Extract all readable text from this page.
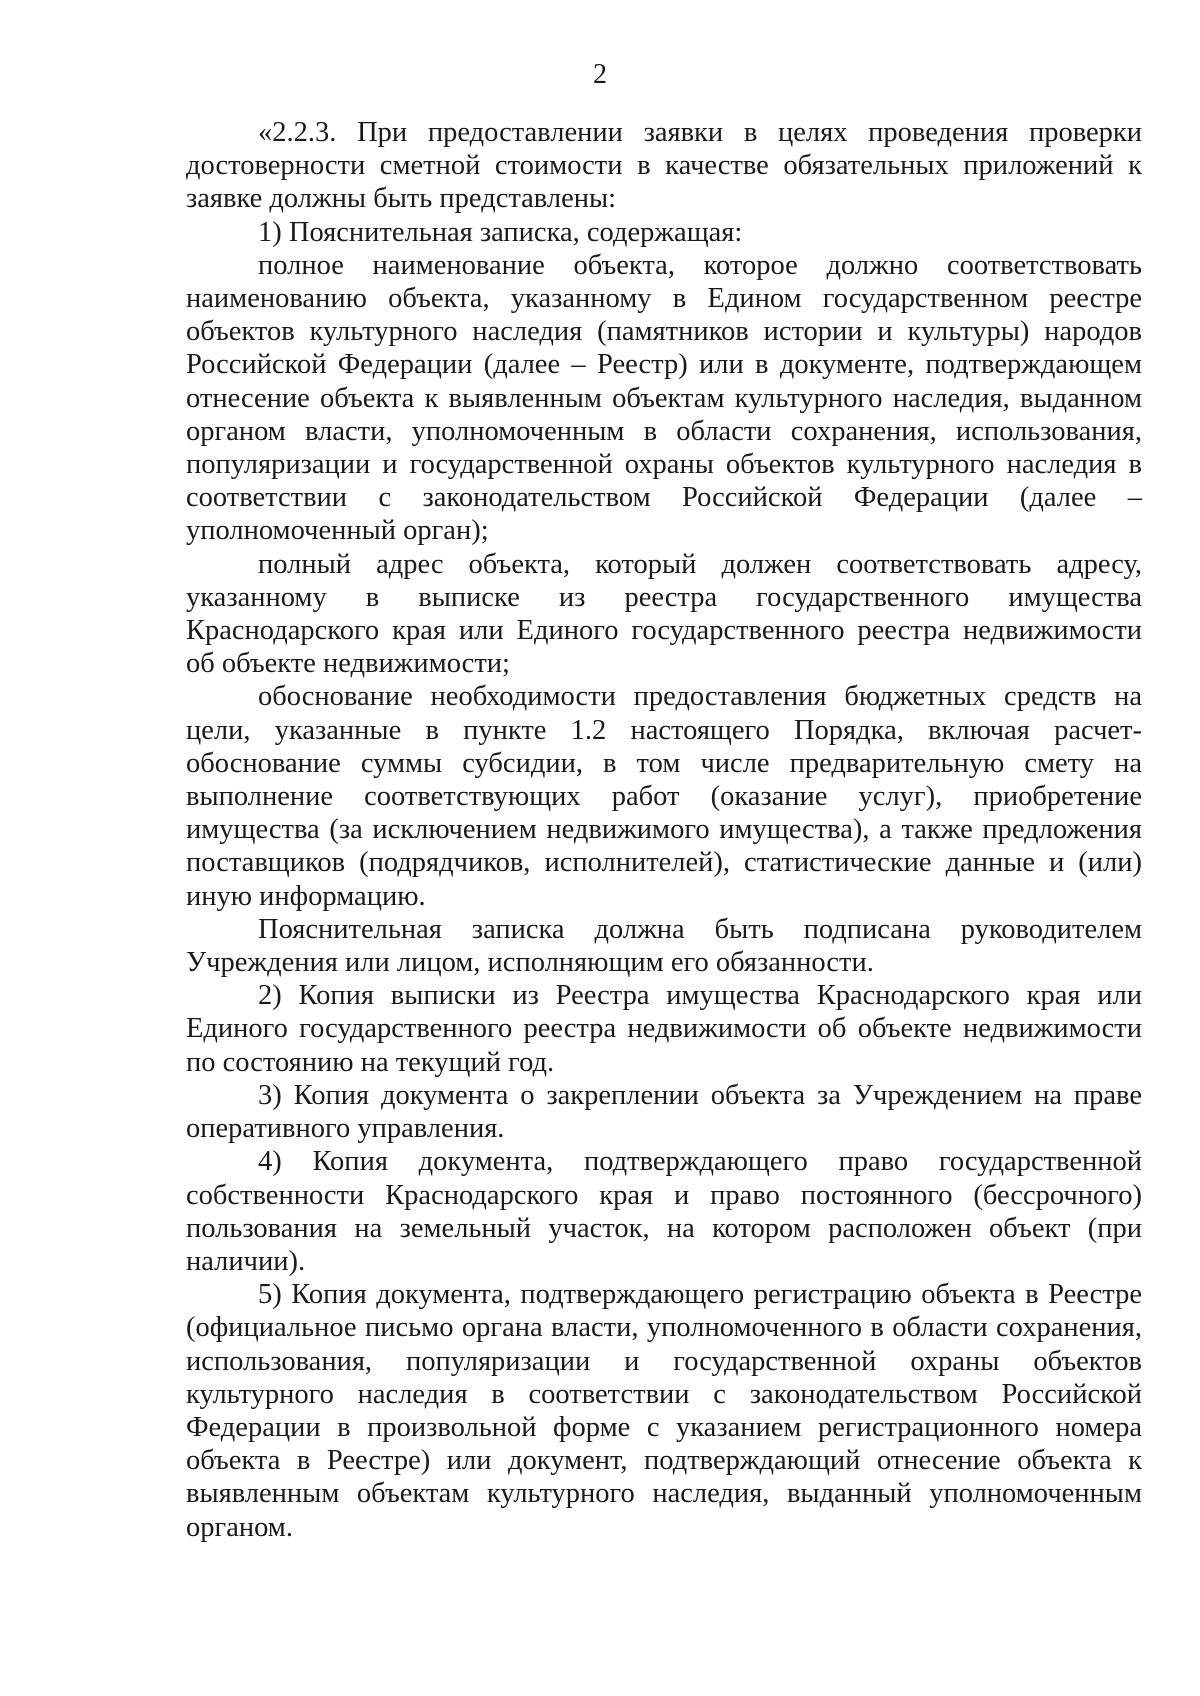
2

«2.2.3. При предоставлении заявки в целях проведения проверки достоверности сметной стоимости в качестве обязательных приложений к заявке должны быть представлены:

1) Пояснительная записка, содержащая:

полное наименование объекта, которое должно соответствовать наименованию объекта, указанному в Едином государственном реестре объектов культурного наследия (памятников истории и культуры) народов Российской Федерации (далее – Реестр) или в документе, подтверждающем отнесение объекта к выявленным объектам культурного наследия, выданном органом власти, уполномоченным в области сохранения, использования, популяризации и государственной охраны объектов культурного наследия в соответствии с законодательством Российской Федерации (далее – уполномоченный орган);

полный адрес объекта, который должен соответствовать адресу, указанному в выписке из реестра государственного имущества Краснодарского края или Единого государственного реестра недвижимости об объекте недвижимости;

обоснование необходимости предоставления бюджетных средств на цели, указанные в пункте 1.2 настоящего Порядка, включая расчет-обоснование суммы субсидии, в том числе предварительную смету на выполнение соответствующих работ (оказание услуг), приобретение имущества (за исключением недвижимого имущества), а также предложения поставщиков (подрядчиков, исполнителей), статистические данные и (или) иную информацию.

Пояснительная записка должна быть подписана руководителем Учреждения или лицом, исполняющим его обязанности.

2) Копия выписки из Реестра имущества Краснодарского края или Единого государственного реестра недвижимости об объекте недвижимости по состоянию на текущий год.

3) Копия документа о закреплении объекта за Учреждением на праве оперативного управления.

4) Копия документа, подтверждающего право государственной собственности Краснодарского края и право постоянного (бессрочного) пользования на земельный участок, на котором расположен объект (при наличии).

5) Копия документа, подтверждающего регистрацию объекта в Реестре (официальное письмо органа власти, уполномоченного в области сохранения, использования, популяризации и государственной охраны объектов культурного наследия в соответствии с законодательством Российской Федерации в произвольной форме с указанием регистрационного номера объекта в Реестре) или документ, подтверждающий отнесение объекта к выявленным объектам культурного наследия, выданный уполномоченным органом.
